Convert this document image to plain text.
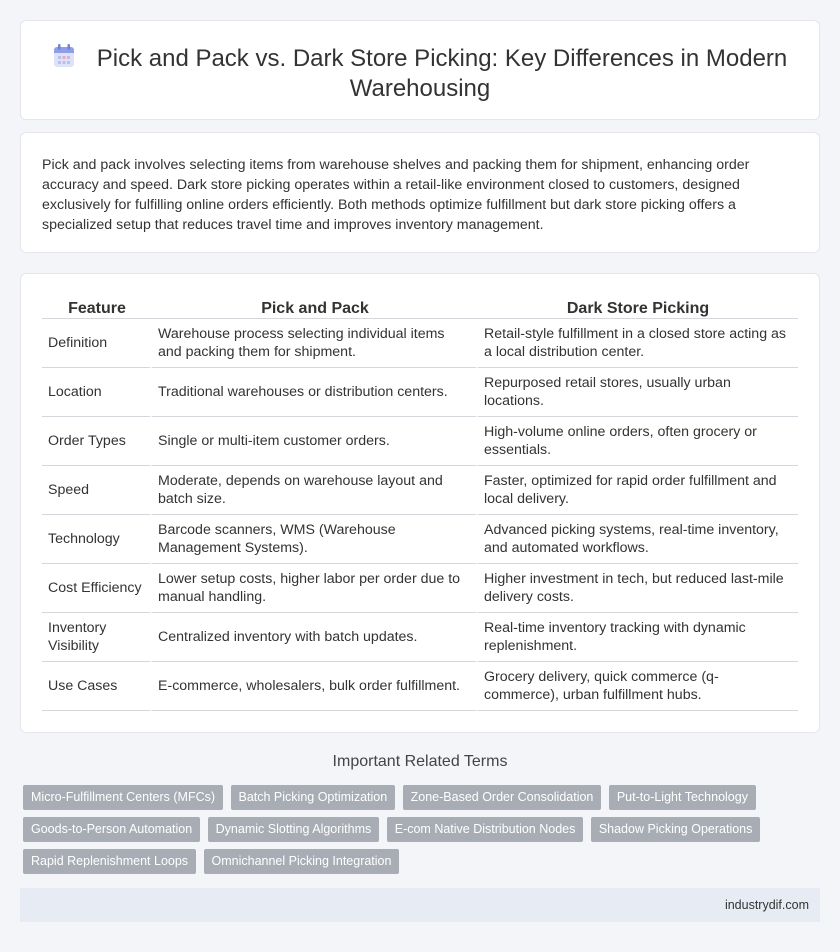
Pick and Pack vs. Dark Store Picking: Key Differences in Modern Warehousing

Pick and pack involves selecting items from warehouse shelves and packing them for shipment, enhancing order accuracy and speed. Dark store picking operates within a retail-like environment closed to customers, designed exclusively for fulfilling online orders efficiently. Both methods optimize fulfillment but dark store picking offers a specialized setup that reduces travel time and improves inventory management.

Feature	Pick and Pack	Dark Store Picking
Definition	Warehouse process selecting individual items and packing them for shipment.	Retail-style fulfillment in a closed store acting as a local distribution center.
Location	Traditional warehouses or distribution centers.	Repurposed retail stores, usually urban locations.
Order Types	Single or multi-item customer orders.	High-volume online orders, often grocery or essentials.
Speed	Moderate, depends on warehouse layout and batch size.	Faster, optimized for rapid order fulfillment and local delivery.
Technology	Barcode scanners, WMS (Warehouse Management Systems).	Advanced picking systems, real-time inventory, and automated workflows.
Cost Efficiency	Lower setup costs, higher labor per order due to manual handling.	Higher investment in tech, but reduced last-mile delivery costs.
Inventory Visibility	Centralized inventory with batch updates.	Real-time inventory tracking with dynamic replenishment.
Use Cases	E-commerce, wholesalers, bulk order fulfillment.	Grocery delivery, quick commerce (q-commerce), urban fulfillment hubs.
Important Related Terms
Micro-Fulfillment Centers (MFCs) Batch Picking Optimization Zone-Based Order Consolidation Put-to-Light Technology Goods-to-Person Automation Dynamic Slotting Algorithms E-com Native Distribution Nodes Shadow Picking Operations Rapid Replenishment Loops Omnichannel Picking Integration
industrydif.com
